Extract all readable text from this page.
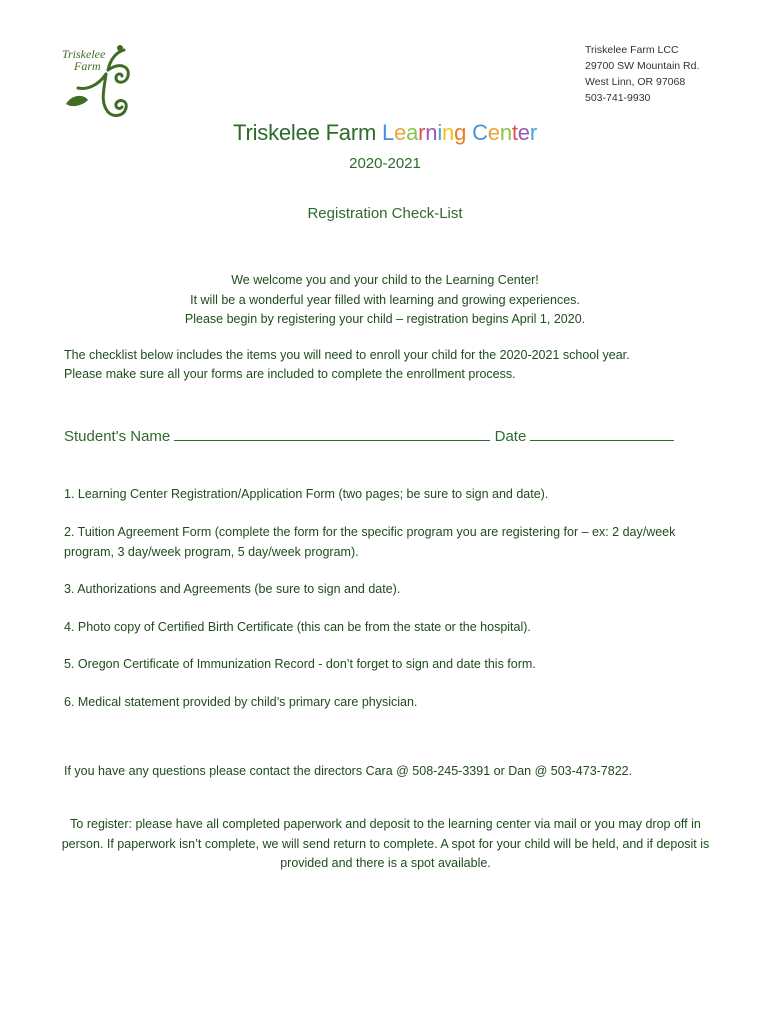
Triskelee
Farm
Triskelee Farm LCC
29700 SW Mountain Rd.
West Linn, OR 97068
503-741-9930
Triskelee Farm Learning Center
2020-2021
Registration Check-List
We welcome you and your child to the Learning Center!
It will be a wonderful year filled with learning and growing experiences.
Please begin by registering your child – registration begins April 1, 2020.
The checklist below includes the items you will need to enroll your child for the 2020-2021 school year.
Please make sure all your forms are included to complete the enrollment process.
Student's Name	Date
1. Learning Center Registration/Application Form (two pages; be sure to sign and date).
2. Tuition Agreement Form (complete the form for the specific program you are registering for – ex: 2 day/week program, 3 day/week program, 5 day/week program).
3. Authorizations and Agreements (be sure to sign and date).
4. Photo copy of Certified Birth Certificate (this can be from the state or the hospital).
5. Oregon Certificate of Immunization Record - don’t forget to sign and date this form.
6. Medical statement provided by child’s primary care physician.
If you have any questions please contact the directors Cara @ 508-245-3391 or Dan @ 503-473-7822.
To register: please have all completed paperwork and deposit to the learning center via mail or you may drop off in person. If paperwork isn’t complete, we will send return to complete. A spot for your child will be held, and if deposit is provided and there is a spot available.
